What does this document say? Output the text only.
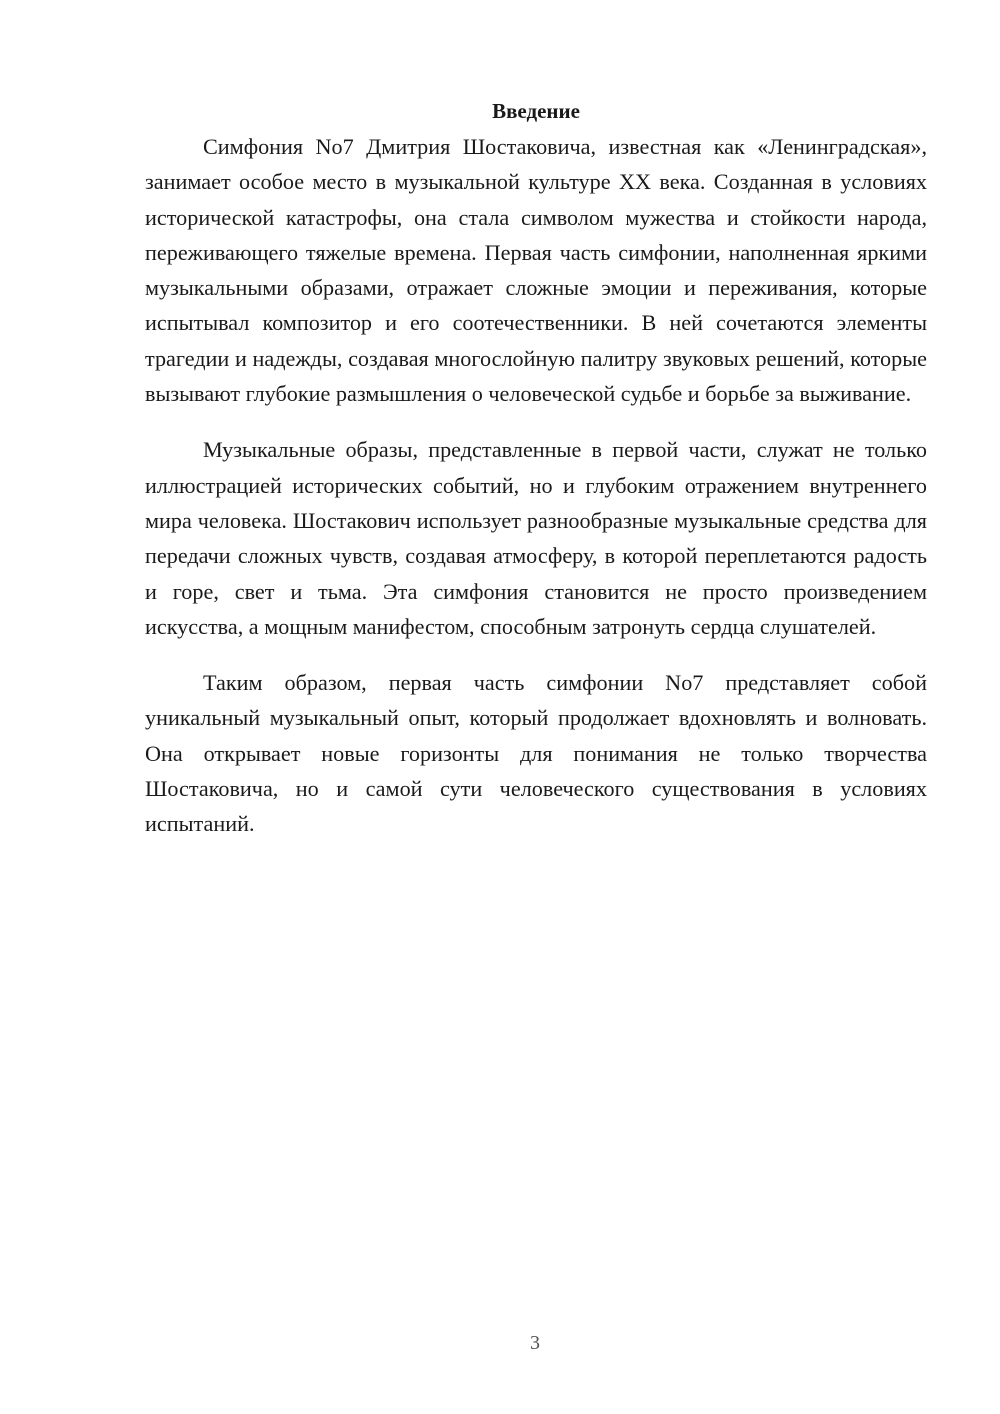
Введение

Симфония No7 Дмитрия Шостаковича, известная как «Ленинградская», занимает особое место в музыкальной культуре XX века. Созданная в условиях исторической катастрофы, она стала символом мужества и стойкости народа, переживающего тяжелые времена. Первая часть симфонии, наполненная яркими музыкальными образами, отражает сложные эмоции и переживания, которые испытывал композитор и его соотечественники. В ней сочетаются элементы трагедии и надежды, создавая многослойную палитру звуковых решений, которые вызывают глубокие размышления о человеческой судьбе и борьбе за выживание.

Музыкальные образы, представленные в первой части, служат не только иллюстрацией исторических событий, но и глубоким отражением внутреннего мира человека. Шостакович использует разнообразные музыкальные средства для передачи сложных чувств, создавая атмосферу, в которой переплетаются радость и горе, свет и тьма. Эта симфония становится не просто произведением искусства, а мощным манифестом, способным затронуть сердца слушателей.

Таким образом, первая часть симфонии No7 представляет собой уникальный музыкальный опыт, который продолжает вдохновлять и волновать. Она открывает новые горизонты для понимания не только творчества Шостаковича, но и самой сути человеческого существования в условиях испытаний.

3
